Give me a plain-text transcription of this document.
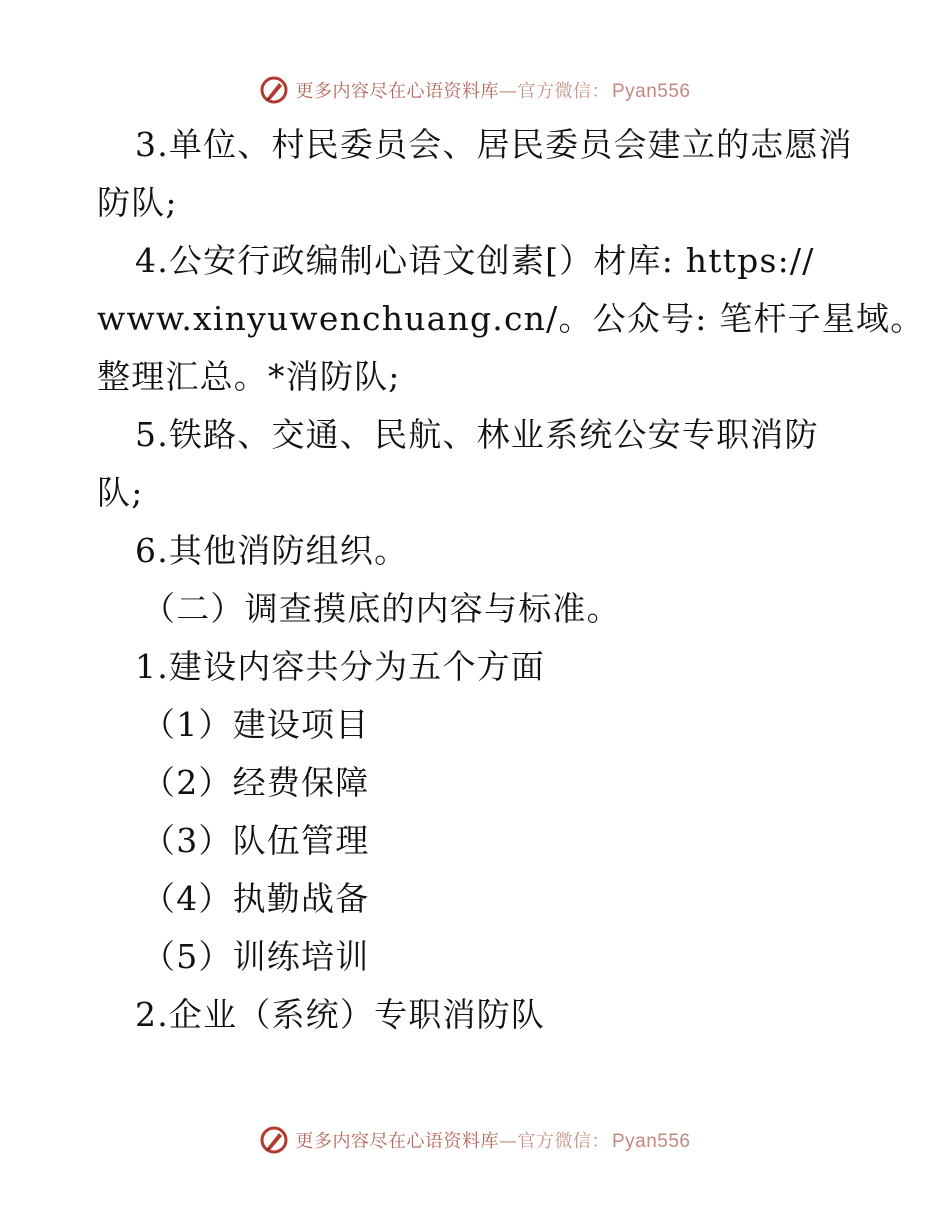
更多内容尽在心语资料库—官方微信： Pyan556

3.单位、村民委员会、居民委员会建立的志愿消

防队;

4.公安行政编制心语文创素[）材库: https://

www.xinyuwenchuang.cn/。公众号: 笔杆子星域。

整理汇总。*消防队;

5.铁路、交通、民航、林业系统公安专职消防

队;

6.其他消防组织。

（二）调查摸底的内容与标准。

1.建设内容共分为五个方面

（1）建设项目

（2）经费保障

（3）队伍管理

（4）执勤战备

（5）训练培训

2.企业（系统）专职消防队

更多内容尽在心语资料库—官方微信： Pyan556
